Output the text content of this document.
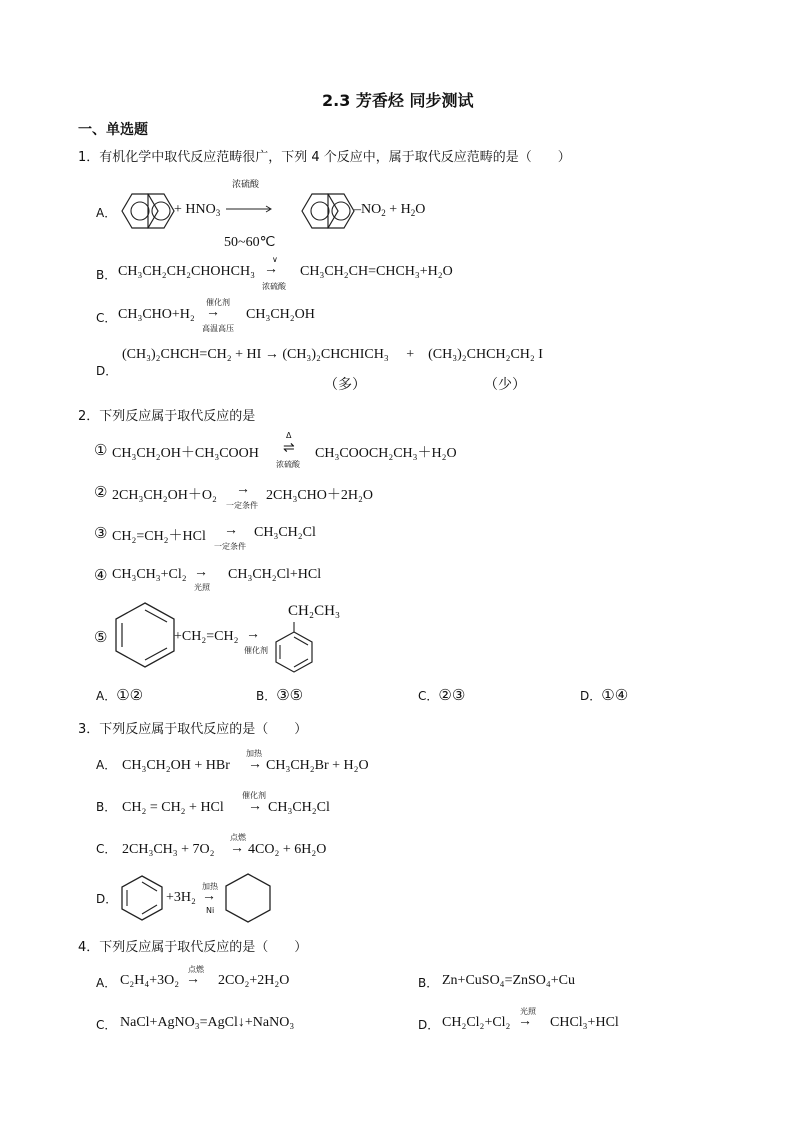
2.3 芳香烃 同步测试
一、单选题
1．有机化学中取代反应范畴很广，下列 4 个反应中，属于取代反应范畴的是（　　）
A．	+ $HNO_3$
浓硫酸
50~60℃
$-NO_2 + H_2O$
B． CH₃CH₂CH₂CHOHCH₃
∨
→
浓硫酸
CH₃CH₂CH=CHCH₃+H₂O
C． CH₃CHO+H₂
催化剂
→
高温高压
CH₃CH₂OH
D．
(CH₃)₂CHCH=CH₂ + HI → (CH₃)₂CHCHICH₃　 +　(CH₃)₂CHCH₂CH₂ I
（多）	（少）
2．下列反应属于取代反应的是
① CH₃CH₂OH＋CH₃COOH
Δ
⇌
浓硫酸
CH₃COOCH₂CH₃＋H₂O
② 2CH₃CH₂OH＋O₂ →
一定条件
2CH₃CHO＋2H₂O
③ CH₂=CH₂＋HCl →
一定条件
CH₃CH₂Cl
④ CH₃CH₃+Cl₂ →
光照
CH₃CH₂Cl+HCl
⑤	+CH₂=CH₂ →
催化剂
CH₂CH₃
A．①②	B．③⑤	C．②③	D．①④
3．下列反应属于取代反应的是（　　）
A． CH₃CH₂OH + HBr
加热
→ CH₃CH₂Br + H₂O
B． CH₂ = CH₂ + HCl
催化剂
→ CH₃CH₂Cl
C． 2CH₃CH₃ + 7O₂
点燃
→ 4CO₂ + 6H₂O
D．	+3H₂
加热
→
Ni
4．下列反应属于取代反应的是（　　）
A． C₂H₄+3O₂
点燃
→ 2CO₂+2H₂O	B． Zn+CuSO₄=ZnSO₄+Cu
C． NaCl+AgNO₃=AgCl↓+NaNO₃	D． CH₂Cl₂+Cl₂
光照
→ CHCl₃+HCl
